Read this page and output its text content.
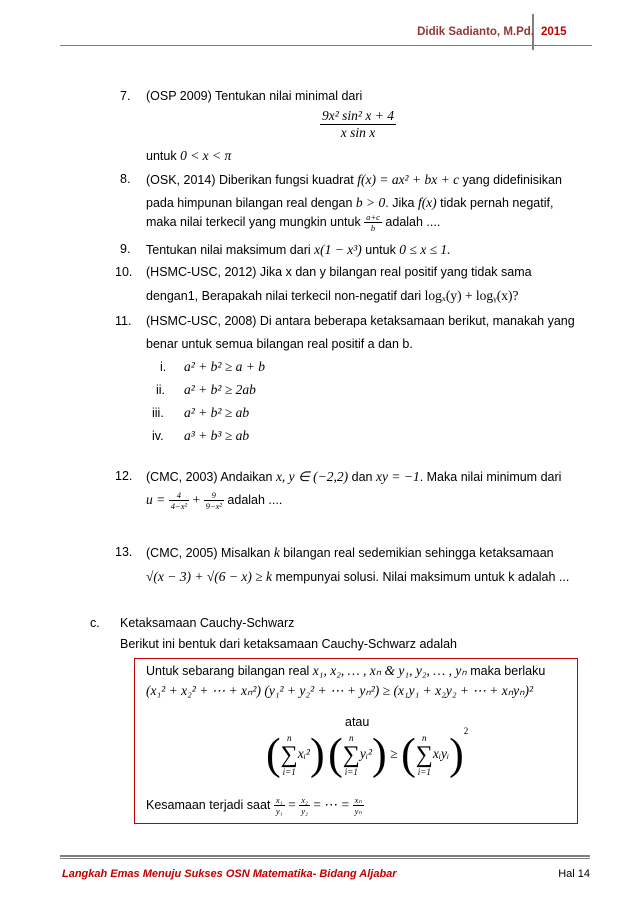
Didik Sadianto, M.Pd. 2015
7. (OSP 2009) Tentukan nilai minimal dari
$\frac{\text{9x² sin² x + 4}}{\text{x sin x}}$
untuk 0 < x < π
8. (OSK, 2014) Diberikan fungsi kuadrat f(x) = ax² + bx + c yang didefinisikan
pada himpunan bilangan real dengan b > 0. Jika f(x) tidak pernah negatif,
maka nilai terkecil yang mungkin untuk $\frac{a+c}{b}$ adalah ....
9. Tentukan nilai maksimum dari x(1 − x³) untuk 0 ≤ x ≤ 1.
10. (HSMC-USC, 2012) Jika x dan y bilangan real positif yang tidak sama
dengan1, Berapakah nilai terkecil non-negatif dari logₓ(y) + logᵧ(x)?
11. (HSMC-USC, 2008) Di antara beberapa ketaksamaan berikut, manakah yang
benar untuk semua bilangan real positif a dan b.
i. a² + b² ≥ a + b
ii. a² + b² ≥ 2ab
iii. a² + b² ≥ ab
iv. a³ + b³ ≥ ab
12. (CMC, 2003) Andaikan x, y ∈ (−2,2) dan xy = −1. Maka nilai minimum dari
$u = \frac{4}{\text{4−x²}} + \frac{9}{\text{9−x²}}$ adalah ....
13. (CMC, 2005) Misalkan k bilangan real sedemikian sehingga ketaksamaan
√(x − 3) + √(6 − x) ≥ k mempunyai solusi. Nilai maksimum untuk k adalah ...
c. Ketaksamaan Cauchy-Schwarz
Berikut ini bentuk dari ketaksamaan Cauchy-Schwarz adalah
Untuk sebarang bilangan real x₁, x₂, … , xₙ & y₁, y₂, … , yₙ maka berlaku
(x₁² + x₂² + ⋯ + xₙ²) (y₁² + y₂² + ⋯ + yₙ²) ≥ (x₁y₁ + x₂y₂ + ⋯ + xₙyₙ)²
atau
( n
∑
i=1
xᵢ²) ( n
∑
i=1
yᵢ²) ≥ ( n
∑
i=1
xᵢyᵢ)$^2$
Kesamaan terjadi saat $\frac{\text{x₁}}{\text{y₁}} = \frac{\text{x₂}}{\text{y₂}}$ = ⋯ = $\frac{\text{xₙ}}{\text{yₙ}}$
Langkah Emas Menuju Sukses OSN Matematika- Bidang Aljabar	Hal 14
